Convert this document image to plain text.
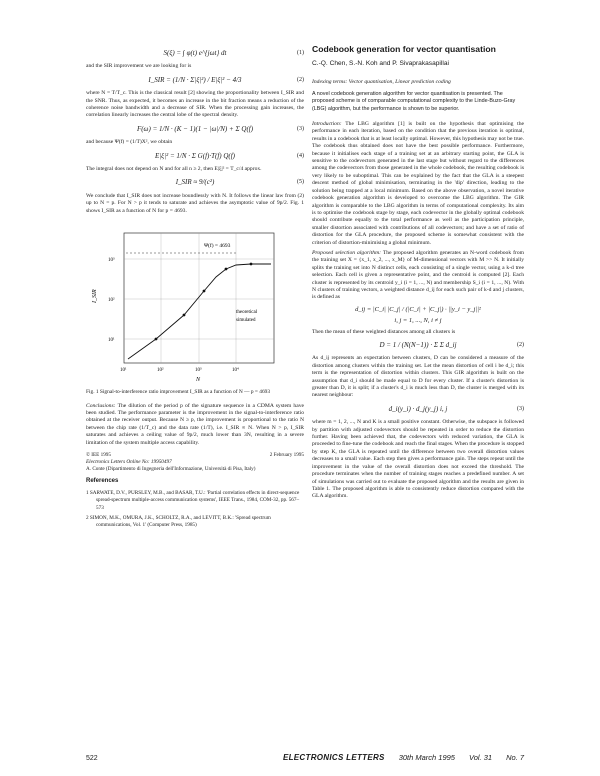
S(ξ) = ∫ φ(t) e^{jωt} dt	(1)

and the SIR improvement we are looking for is

I_SIR = (1/N · Σ|ξ|²) / E|ξ|² − 4/3	(2)

where N = T/T_c. This is the classical result [2] showing the proportionality between I_SIR and the SNR. Thus, as expected, it becomes an increase in the bit fraction means a reduction of the coherence noise bandwidth and a decrease of SIR. When the processing gain increases, the correlation linearly increases the central lobe of the spectral density.

F(ω) = 1/N · (K − 1)(1 − |ω|/N) + Σ Q(f)	(3)

and because Ψ(f) = (1/T)X², we obtain

E|ξ|² = 1/N · Σ G(f)·T(f) Q(f)	(4)

The integral does not depend on N and for all n ≥ 2, then E|ξ|² = T_c/4 approx.

I_SIR ≈ 9/(c²)	(5)

We conclude that I_SIR does not increase boundlessly with N. It follows the linear law from (2) up to N = p. For N > p it tends to saturate and achieves the asymptotic value of 9p/2. Fig. 1 shows I_SIR as a function of N for p = 4693.

Ψ(f) = 4693
theoretical
simulated
I_SIR
N
10³
10²
10¹
10¹	10²	10³	10⁴
Fig. 1 Signal-to-interference ratio improvement I_SIR as a function of N — p = 4693

Conclusions: The dilution of the period p of the signature sequence in a CDMA system have been studied. The performance parameter is the improvement in the signal-to-interference ratio obtained at the receiver output. Because N ≥ p, the improvement is proportional to the ratio N between the chip rate (1/T_c) and the data rate (1/T), i.e. I_SIR ∝ N. When N > p, I_SIR saturates and achieves a ceiling value of 9p/2, much lower than 3N, resulting in a severe limitation of the system multiple access capability.

© IEE 1995	2 February 1995
Electronics Letters Online No: 19950497
A. Conte (Dipartimento di Ingegneria dell'Informazione, Università di Pisa, Italy)
References
1 SARWATE, D.V., PURSLEY, M.B., and BASAR, T.U.: 'Partial correlation effects in direct-sequence spread-spectrum multiple-access communication systems', IEEE Trans., 1984, COM-32, pp. 567–573
2 SIMON, M.K., OMURA, J.K., SCHOLTZ, R.A., and LEVITT, B.K.: 'Spread spectrum communications, Vol. 1' (Computer Press, 1985)
Codebook generation for vector quantisation
C.-Q. Chen, S.-N. Koh and P. Sivaprakasapillai
Indexing terms: Vector quantisation, Linear prediction coding
A novel codebook generation algorithm for vector quantisation is presented. The proposed scheme is of comparable computational complexity to the Linde-Buzo-Gray (LBG) algorithm, but the performance is shown to be superior.

Introduction: The LBG algorithm [1] is built on the hypothesis that optimising the performance in each iteration, based on the condition that the previous iteration is optimal, results in a codebook that is at least locally optimal. However, this hypothesis may not be true. The codebook thus obtained does not have the best possible performance. Furthermore, because it initialises each stage of a training set at an arbitrary starting point, the GLA is sensitive to the codevectors generated in the last stage but without regard to the differences among the codevectors from those generated in the whole codebook, the resulting codebook is very likely to be suboptimal. This can be explained by the fact that the GLA is a steepest descent method of global minimisation, terminating in the 'dip' direction, leading to the solution being trapped at a local minimum. Based on the above observation, a novel iterative codebook generation algorithm is developed to overcome the LBG algorithm. The GIR algorithm is comparable to the LBG algorithm in terms of computational complexity. Its aim is to optimise the codebook stage by stage, each codevector in the globally optimal codebook should contribute equally to the total performance as well as the participation principle, smaller distortion associated with contributions of all codevectors; and have a set of ratio of distortion for the GLA procedure, the proposed scheme is somewhat consistent with the criterion of distortion-minimising a global minimum.

Proposed selection algorithm: The proposed algorithm generates an N-word codebook from the training set X = {x_1, x_2, ..., x_M} of M-dimensional vectors with M >> N. It initially splits the training set into N distinct cells, each consisting of a single vector, using a k-d tree selection. Each cell is given a representative point, and the centroid is computed [2]. Each cluster is represented by its centroid y_i (i = 1, ..., N) and membership S_i (i = 1, ..., N). With N clusters of training vectors, a weighted distance d_ij for each such pair of k-d and j clusters, is defined as

d_ij = |C_i| |C_j| / (|C_i| + |C_j|) · ||y_i − y_j||²
i, j = 1, ..., N, i ≠ j

Then the mean of these weighted distances among all clusters is

D = 1 / (N(N−1)) · Σ Σ d_ij	(2)

As d_ij represents an expectation between clusters, D can be considered a measure of the distortion among clusters within the training set. Let the mean distortion of cell i be d_i; this term is the representation of distortion within clusters. This GIR algorithm is built on the assumption that d_i should be made equal to D for every cluster. If a cluster's distortion is greater than D, it is split; if a cluster's d_i is much less than D, the cluster is merged with its nearest neighbour:

d_i(y_i) · d_j(y_j) i, j	(3)

where m = 1, 2, ..., N and K is a small positive constant. Otherwise, the subspace is followed by partition with adjusted codevectors should be repeated in order to reduce the distortion further. Having been achieved that, the codevectors with reduced variation, the GLA is proceeded to fine-tune the codebook and reach the final stages. When the procedure is stopped by step K, the GLA is repeated until the difference between two overall distortion values decreases to a small value. Each step then gives a performance gain. The steps repeat until the improvement in the value of the overall distortion does not exceed the threshold. The procedure terminates when the number of training stages reaches a predefined number. A set of simulations was carried out to evaluate the proposed algorithm and the results are given in Table 1. The proposed algorithm is able to consistently reduce distortion compared with the GLA algorithm.

522	ELECTRONICS LETTERS 30th March 1995 Vol. 31 No. 7
